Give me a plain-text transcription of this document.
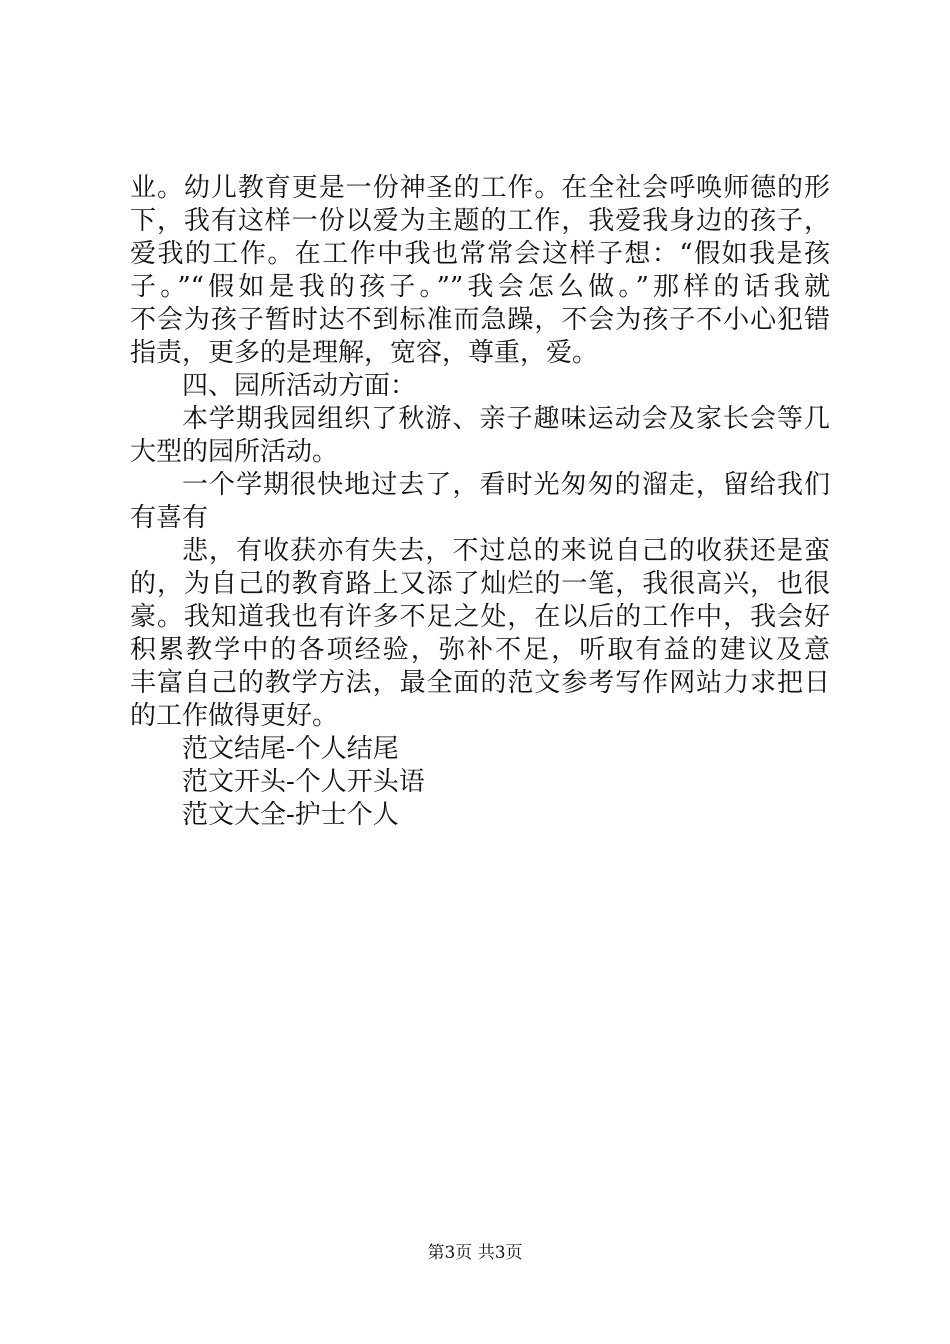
业。幼儿教育更是一份神圣的工作。在全社会呼唤师德的形
下，我有这样一份以爱为主题的工作，我爱我身边的孩子，
爱我的工作。在工作中我也常常会这样子想：“假如我是孩
子。”“假如是我的孩子。””我会怎么做。”那样的话我就
不会为孩子暂时达不到标准而急躁，不会为孩子不小心犯错
指责，更多的是理解，宽容，尊重，爱。
四、园所活动方面：
本学期我园组织了秋游、亲子趣味运动会及家长会等几
大型的园所活动。
一个学期很快地过去了，看时光匆匆的溜走，留给我们
有喜有
悲，有收获亦有失去，不过总的来说自己的收获还是蛮
的，为自己的教育路上又添了灿烂的一笔，我很高兴，也很
豪。我知道我也有许多不足之处，在以后的工作中，我会好
积累教学中的各项经验，弥补不足，听取有益的建议及意
丰富自己的教学方法，最全面的范文参考写作网站力求把日
的工作做得更好。
范文结尾-个人结尾
范文开头-个人开头语
范文大全-护士个人
第3页 共3页
